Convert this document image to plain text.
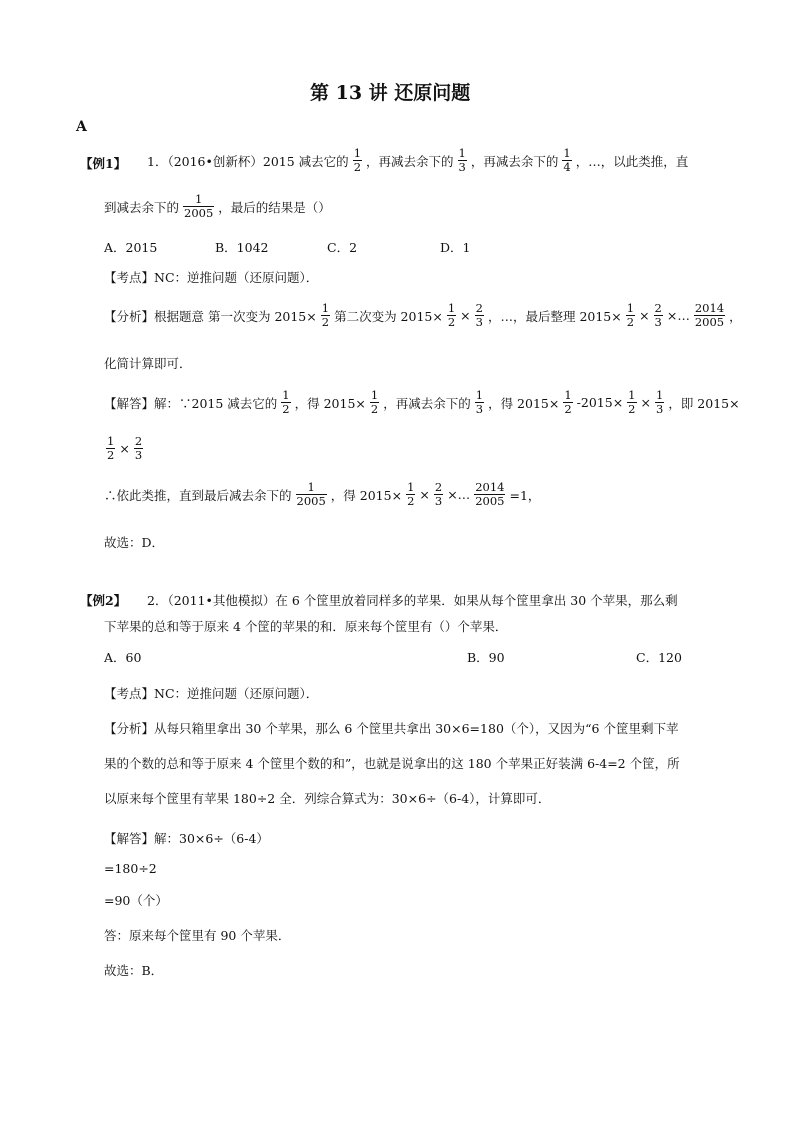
第 13 讲 还原问题
A
【例1】 1．（2016•创新杯）2015 减去它的 $\frac{1}{2}$ ，再减去余下的 $\frac{1}{3}$ ，再减去余下的 $\frac{1}{4}$ ，…，以此类推，直
到减去余下的 $\frac{1}{2005}$ ，最后的结果是（）
A．2015	B．1042	C．2	D．1
【考点】NC：逆推问题（还原问题）．
【分析】根据题意 第一次变为 $2015\times \frac{1}{2}$ 第二次变为 $2015\times \frac{1}{2} \times \frac{2}{3}$ ，…，最后整理 $2015\times \frac{1}{2} \times \frac{2}{3}$ ×… $\frac{2014}{2005}$ ，
化简计算即可．
【解答】解：∵2015 减去它的 $\frac{1}{2}$ ，得 $2015\times \frac{1}{2}$ ，再减去余下的 $\frac{1}{3}$ ，得 $2015\times \frac{1}{2} -2015\times \frac{1}{2} \times \frac{1}{3}$ ，即 2015×
$\frac{1}{2} \times \frac{2}{3}$
∴依此类推，直到最后减去余下的 $\frac{1}{2005}$ ，得 $2015\times \frac{1}{2} \times \frac{2}{3}$ ×… $\frac{2014}{2005} =1$，
故选：D．
【例2】 2．（2011•其他模拟）在 6 个筐里放着同样多的苹果．如果从每个筐里拿出 30 个苹果，那么剩
下苹果的总和等于原来 4 个筐的苹果的和．原来每个筐里有（）个苹果．
A．60	B．90	C．120
【考点】NC：逆推问题（还原问题）．
【分析】从每只箱里拿出 30 个苹果，那么 6 个筐里共拿出 30×6=180（个），又因为“6 个筐里剩下苹
果的个数的总和等于原来 4 个筐里个数的和”，也就是说拿出的这 180 个苹果正好装满 6-4=2 个筐，所
以原来每个筐里有苹果 180÷2 全．列综合算式为：30×6÷（6-4），计算即可．
【解答】解：30×6÷（6-4）
=180÷2
=90（个）
答：原来每个筐里有 90 个苹果．
故选：B．
